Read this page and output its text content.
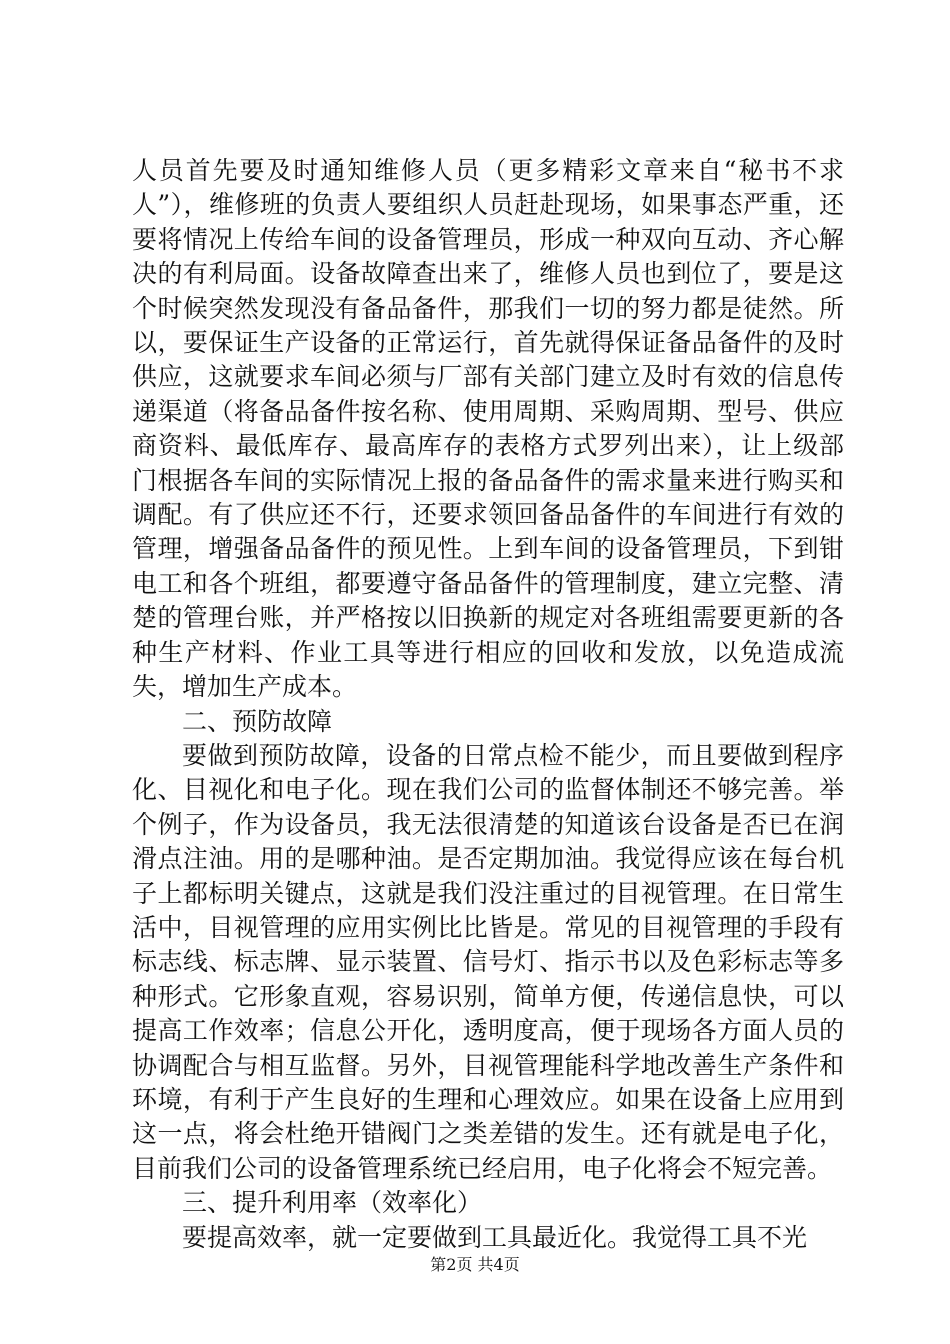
人员首先要及时通知维修人员（更多精彩文章来自“秘书不求人”），维修班的负责人要组织人员赶赴现场，如果事态严重，还要将情况上传给车间的设备管理员，形成一种双向互动、齐心解决的有利局面。设备故障查出来了，维修人员也到位了，要是这个时候突然发现没有备品备件，那我们一切的努力都是徒然。所以，要保证生产设备的正常运行，首先就得保证备品备件的及时供应，这就要求车间必须与厂部有关部门建立及时有效的信息传递渠道（将备品备件按名称、使用周期、采购周期、型号、供应商资料、最低库存、最高库存的表格方式罗列出来），让上级部门根据各车间的实际情况上报的备品备件的需求量来进行购买和调配。有了供应还不行，还要求领回备品备件的车间进行有效的管理，增强备品备件的预见性。上到车间的设备管理员，下到钳电工和各个班组，都要遵守备品备件的管理制度，建立完整、清楚的管理台账，并严格按以旧换新的规定对各班组需要更新的各种生产材料、作业工具等进行相应的回收和发放，以免造成流失，增加生产成本。

二、预防故障

要做到预防故障，设备的日常点检不能少，而且要做到程序化、目视化和电子化。现在我们公司的监督体制还不够完善。举个例子，作为设备员，我无法很清楚的知道该台设备是否已在润滑点注油。用的是哪种油。是否定期加油。我觉得应该在每台机子上都标明关键点，这就是我们没注重过的目视管理。在日常生活中，目视管理的应用实例比比皆是。常见的目视管理的手段有标志线、标志牌、显示装置、信号灯、指示书以及色彩标志等多种形式。它形象直观，容易识别，简单方便，传递信息快，可以提高工作效率；信息公开化，透明度高，便于现场各方面人员的协调配合与相互监督。另外，目视管理能科学地改善生产条件和环境，有利于产生良好的生理和心理效应。如果在设备上应用到这一点，将会杜绝开错阀门之类差错的发生。还有就是电子化，目前我们公司的设备管理系统已经启用，电子化将会不短完善。

三、提升利用率（效率化）

要提高效率，就一定要做到工具最近化。我觉得工具不光

第2页 共4页
